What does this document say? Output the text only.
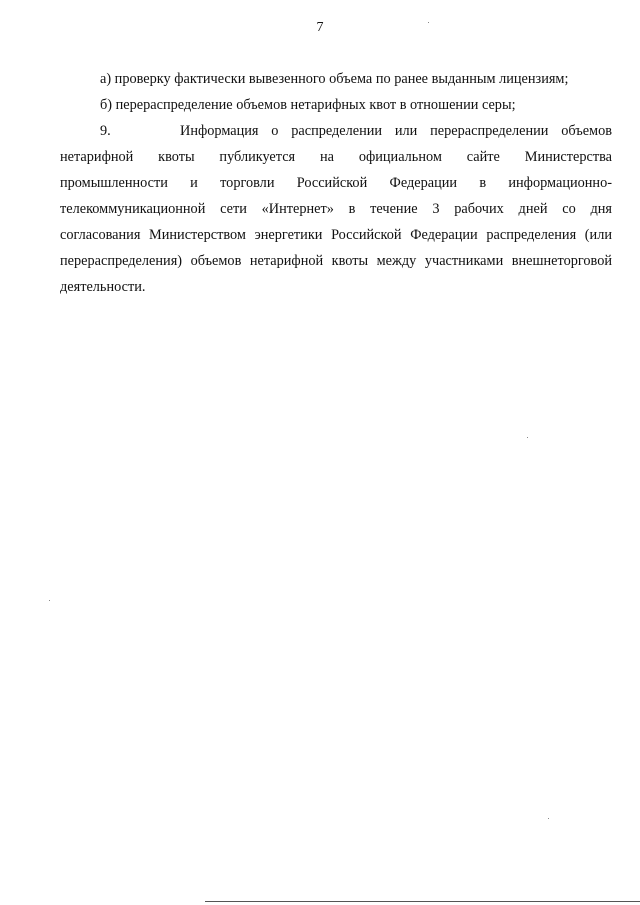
7
а) проверку фактически вывезенного объема по ранее выданным лицензиям;
б) перераспределение объемов нетарифных квот в отношении серы;
9.	Информация о распределении или перераспределении объемов
нетарифной квоты публикуется на официальном сайте Министерства
промышленности и торговли Российской Федерации в информационно-
телекоммуникационной сети «Интернет» в течение 3 рабочих дней со дня
согласования Министерством энергетики Российской Федерации распределения (или
перераспределения) объемов нетарифной квоты между участниками внешнеторговой
деятельности.
